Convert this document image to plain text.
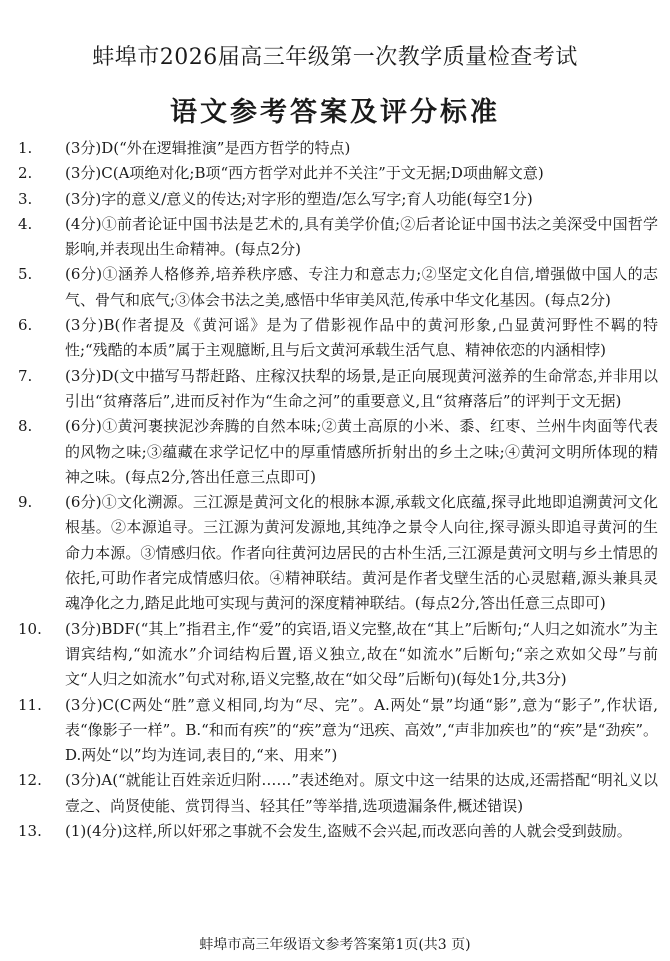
蚌埠市2026届高三年级第一次教学质量检查考试
语文参考答案及评分标准
1. (3分)D(“外在逻辑推演”是西方哲学的特点)
2. (3分)C(A项绝对化;B项“西方哲学对此并不关注”于文无据;D项曲解文意)
3. (3分)字的意义/意义的传达;对字形的塑造/怎么写字;育人功能(每空1分)
4. (4分)①前者论证中国书法是艺术的,具有美学价值;②后者论证中国书法之美深受中国哲学影响,并表现出生命精神。(每点2分)
5. (6分)①涵养人格修养,培养秩序感、专注力和意志力;②坚定文化自信,增强做中国人的志气、骨气和底气;③体会书法之美,感悟中华审美风范,传承中华文化基因。(每点2分)
6. (3分)B(作者提及《黄河谣》是为了借影视作品中的黄河形象,凸显黄河野性不羁的特性;“残酷的本质”属于主观臆断,且与后文黄河承载生活气息、精神依恋的内涵相悖)
7. (3分)D(文中描写马帮赶路、庄稼汉扶犁的场景,是正向展现黄河滋养的生命常态,并非用以引出“贫瘠落后”,进而反衬作为“生命之河”的重要意义,且“贫瘠落后”的评判于文无据)
8. (6分)①黄河裹挟泥沙奔腾的自然本味;②黄土高原的小米、黍、红枣、兰州牛肉面等代表的风物之味;③蕴藏在求学记忆中的厚重情感所折射出的乡土之味;④黄河文明所体现的精神之味。(每点2分,答出任意三点即可)
9. (6分)①文化溯源。三江源是黄河文化的根脉本源,承载文化底蕴,探寻此地即追溯黄河文化根基。②本源追寻。三江源为黄河发源地,其纯净之景令人向往,探寻源头即追寻黄河的生命力本源。③情感归依。作者向往黄河边居民的古朴生活,三江源是黄河文明与乡土情思的依托,可助作者完成情感归依。④精神联结。黄河是作者戈壁生活的心灵慰藉,源头兼具灵魂净化之力,踏足此地可实现与黄河的深度精神联结。(每点2分,答出任意三点即可)
10. (3分)BDF(“其上”指君主,作“爱”的宾语,语义完整,故在“其上”后断句;“人归之如流水”为主谓宾结构,“如流水”介词结构后置,语义独立,故在“如流水”后断句;“亲之欢如父母”与前文“人归之如流水”句式对称,语义完整,故在“如父母”后断句)(每处1分,共3分)
11. (3分)C(C两处“胜”意义相同,均为“尽、完”。A.两处“景”均通“影”,意为“影子”,作状语,表“像影子一样”。B.“和而有疾”的“疾”意为“迅疾、高效”,“声非加疾也”的“疾”是“劲疾”。D.两处“以”均为连词,表目的,“来、用来”)
12. (3分)A(“就能让百姓亲近归附……”表述绝对。原文中这一结果的达成,还需搭配“明礼义以壹之、尚贤使能、赏罚得当、轻其任”等举措,选项遗漏条件,概述错误)
13. (1)(4分)这样,所以奸邪之事就不会发生,盗贼不会兴起,而改恶向善的人就会受到鼓励。
蚌埠市高三年级语文参考答案第1页(共3 页)
